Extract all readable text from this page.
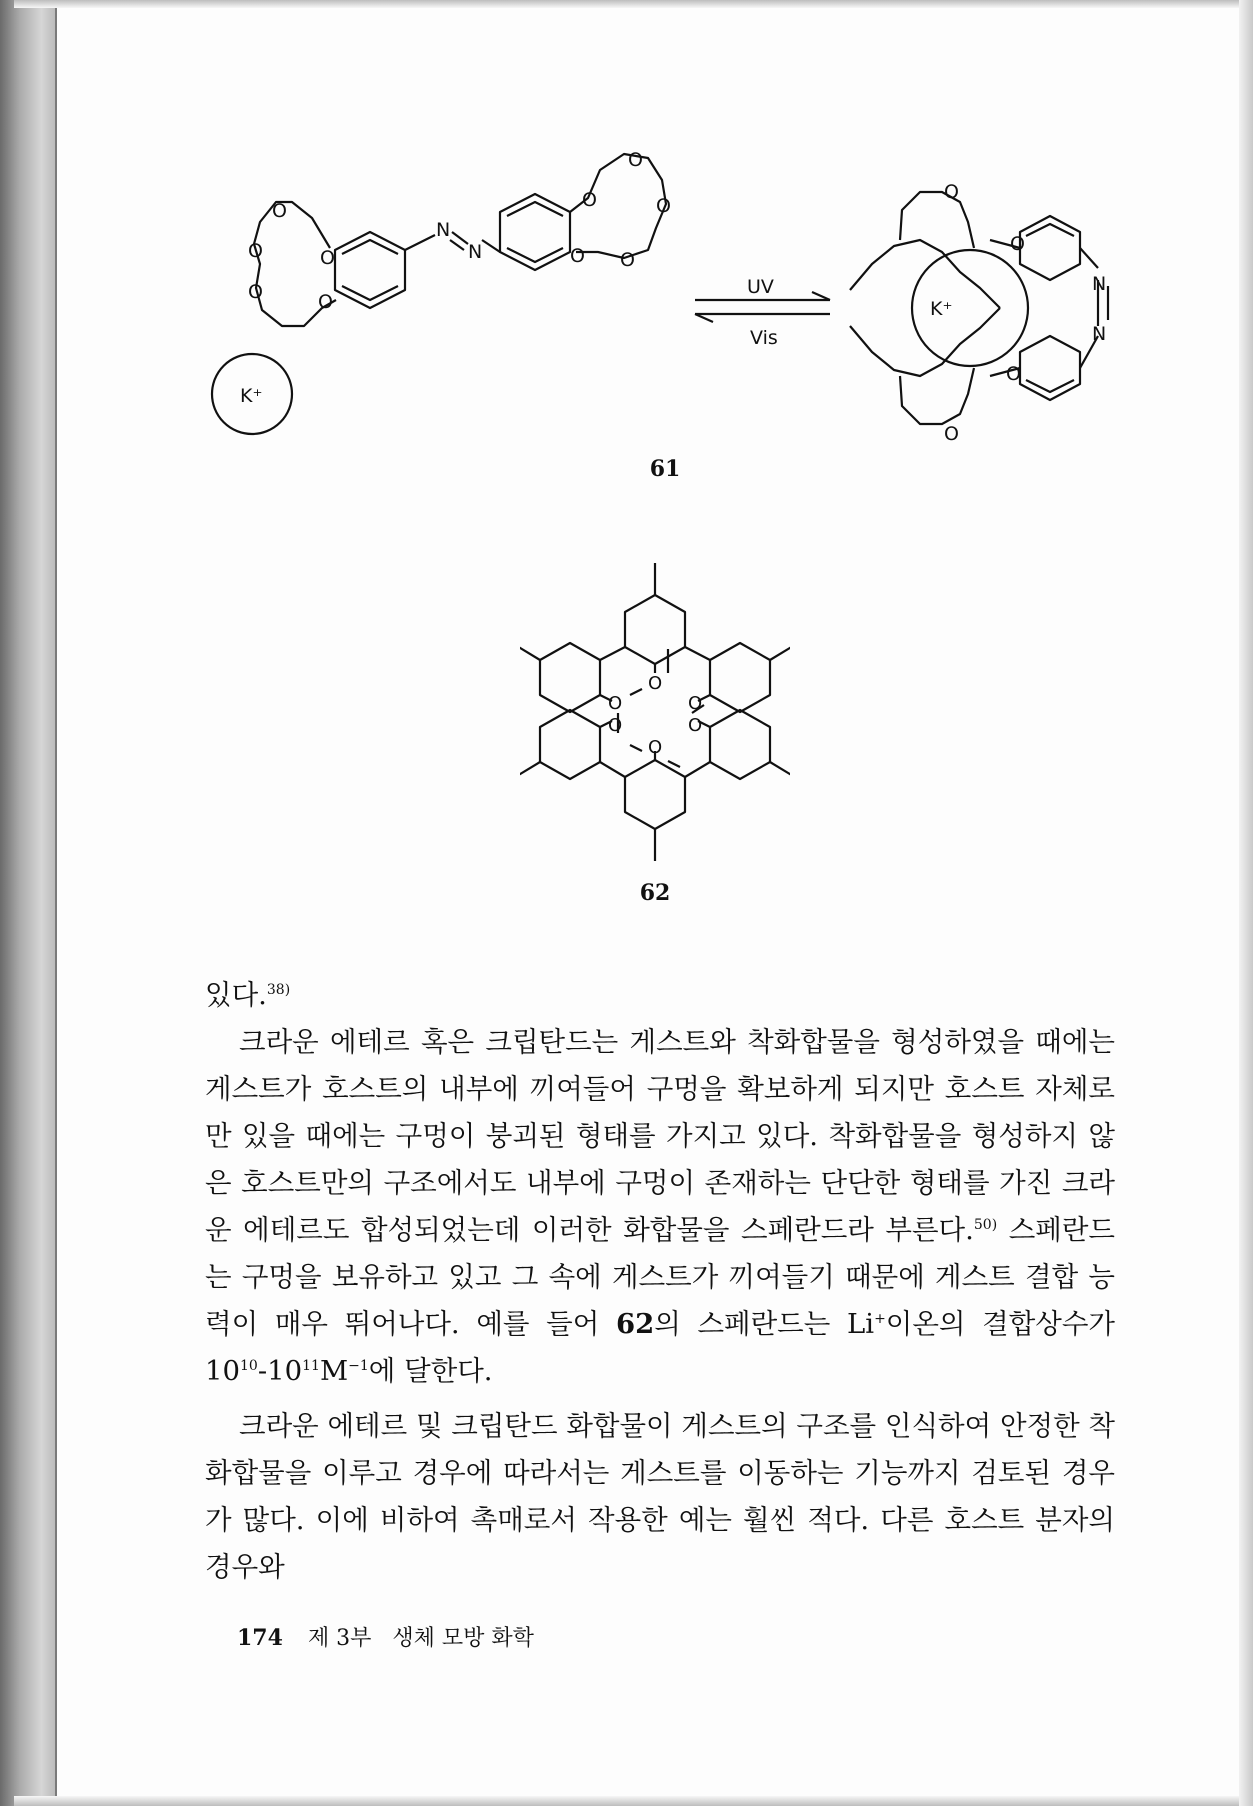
O
O
O
O
O
N
N
O
O
O
O
O
K⁺
UV
Vis
K⁺
O
O
O
O
N
N
61
O
O	O
O	O
O
62

있다.$^{38)}$

크라운 에테르 혹은 크립탄드는 게스트와 착화합물을 형성하였을 때에는 게스트가 호스트의 내부에 끼여들어 구멍을 확보하게 되지만 호스트 자체로만 있을 때에는 구멍이 붕괴된 형태를 가지고 있다. 착화합물을 형성하지 않은 호스트만의 구조에서도 내부에 구멍이 존재하는 단단한 형태를 가진 크라운 에테르도 합성되었는데 이러한 화합물을 스페란드라 부른다.$^{50)}$ 스페란드는 구멍을 보유하고 있고 그 속에 게스트가 끼여들기 때문에 게스트 결합 능력이 매우 뛰어나다. 예를 들어 62의 스페란드는 Li+이온의 결합상수가 $10^{10}-10^{11}M^{-1}$에 달한다.

크라운 에테르 및 크립탄드 화합물이 게스트의 구조를 인식하여 안정한 착화합물을 이루고 경우에 따라서는 게스트를 이동하는 기능까지 검토된 경우가 많다. 이에 비하여 촉매로서 작용한 예는 훨씬 적다. 다른 호스트 분자의 경우와

174 제 3부 생체 모방 화학
